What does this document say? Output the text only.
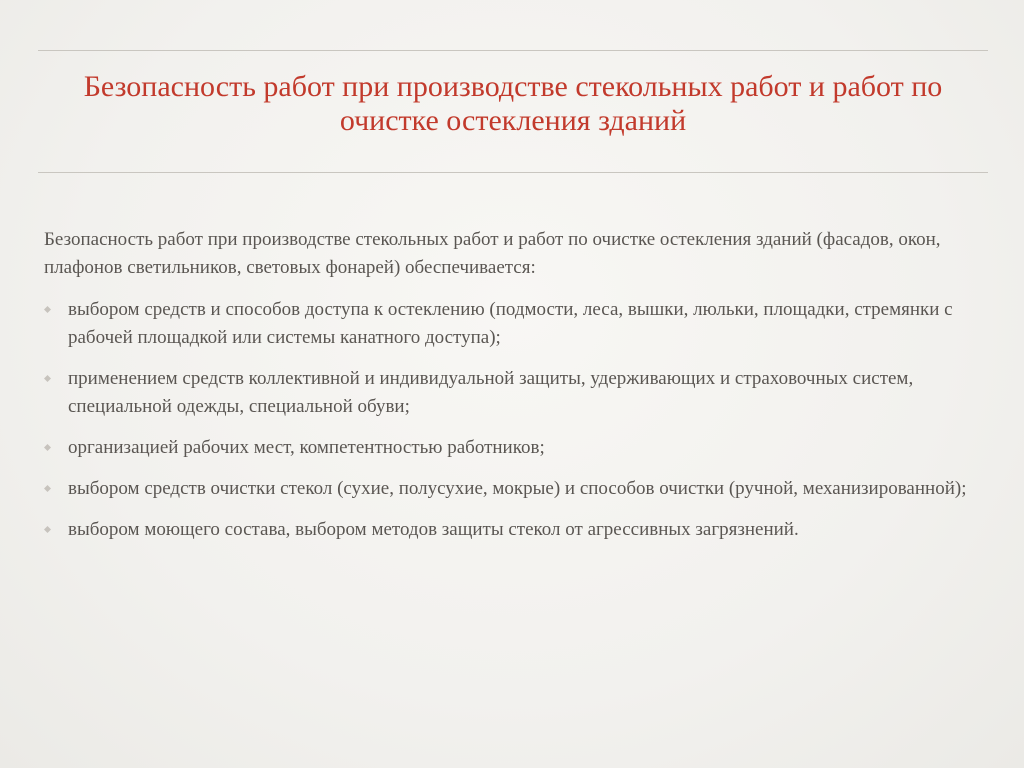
Безопасность работ при производстве стекольных работ и работ по очистке остекления зданий

Безопасность работ при производстве стекольных работ и работ по очистке остекления зданий (фасадов, окон, плафонов светильников, световых фонарей) обеспечивается:

выбором средств и способов доступа к остеклению (подмости, леса, вышки, люльки, площадки, стремянки с рабочей площадкой или системы канатного доступа);
применением средств коллективной и индивидуальной защиты, удерживающих и страховочных систем, специальной одежды, специальной обуви;
организацией рабочих мест, компетентностью работников;
выбором средств очистки стекол (сухие, полусухие, мокрые) и способов очистки (ручной, механизированной);
выбором моющего состава, выбором методов защиты стекол от агрессивных загрязнений.
